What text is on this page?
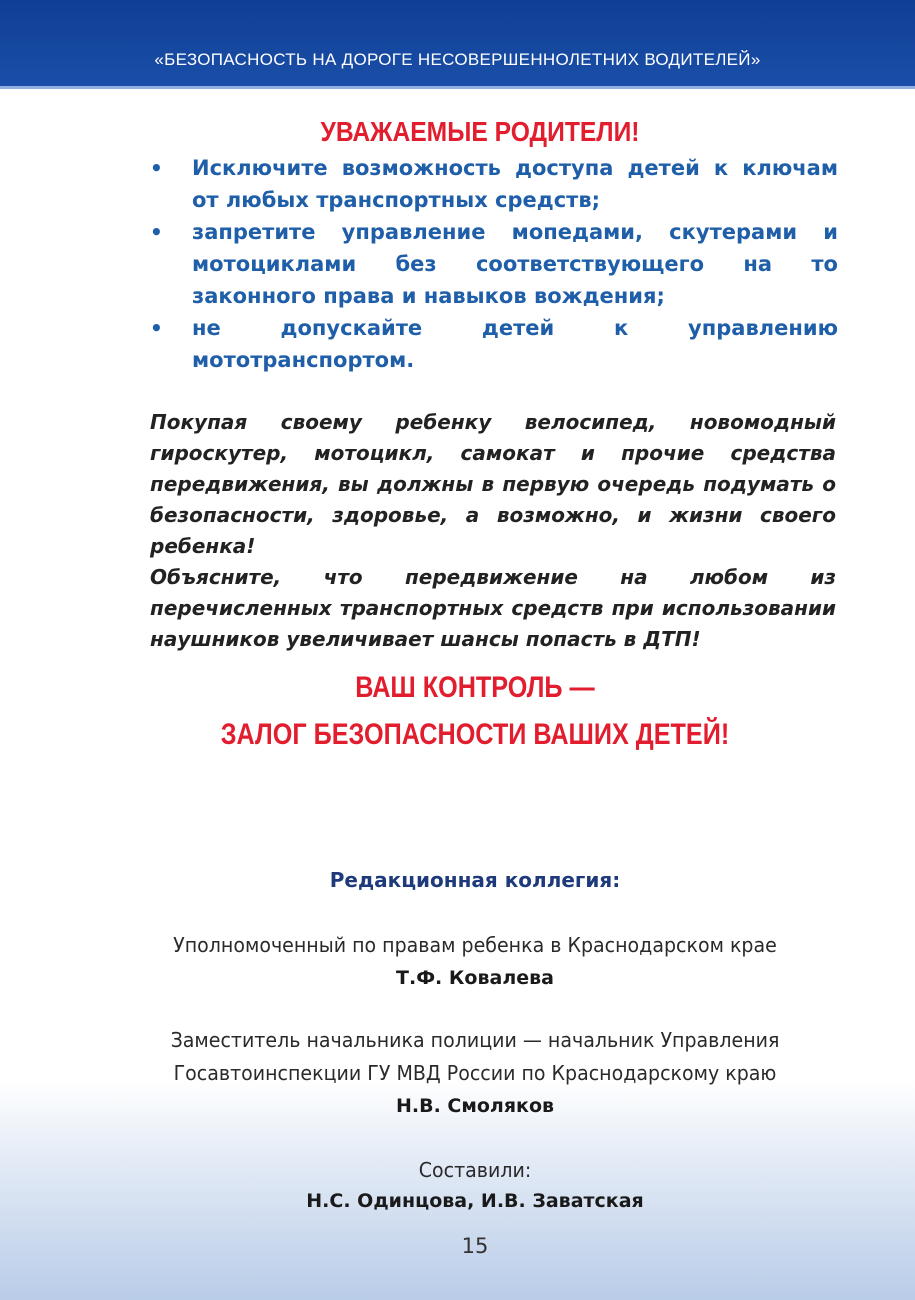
«БЕЗОПАСНОСТЬ НА ДОРОГЕ НЕСОВЕРШЕННОЛЕТНИХ ВОДИТЕЛЕЙ»
УВАЖАЕМЫЕ РОДИТЕЛИ!
• Исключите возможность доступа детей к ключам от любых транспортных средств;
• запретите управление мопедами, скутерами и мотоциклами без соответствующего на то законного права и навыков вождения;
• не допускайте детей к управлению мототранспортом.

Покупая своему ребенку велосипед, новомодный гироскутер, мотоцикл, самокат и прочие средства передвижения, вы должны в первую очередь подумать о безопасности, здоровье, а возможно, и жизни своего ребенка!

Объясните, что передвижение на любом из перечисленных транспортных средств при использовании наушников увеличивает шансы попасть в ДТП!

ВАШ КОНТРОЛЬ —
ЗАЛОГ БЕЗОПАСНОСТИ ВАШИХ ДЕТЕЙ!
Редакционная коллегия:
Уполномоченный по правам ребенка в Краснодарском крае
Т.Ф. Ковалева
Заместитель начальника полиции — начальник Управления
Госавтоинспекции ГУ МВД России по Краснодарскому краю
Н.В. Смоляков
Составили:
Н.С. Одинцова, И.В. Заватская
15
